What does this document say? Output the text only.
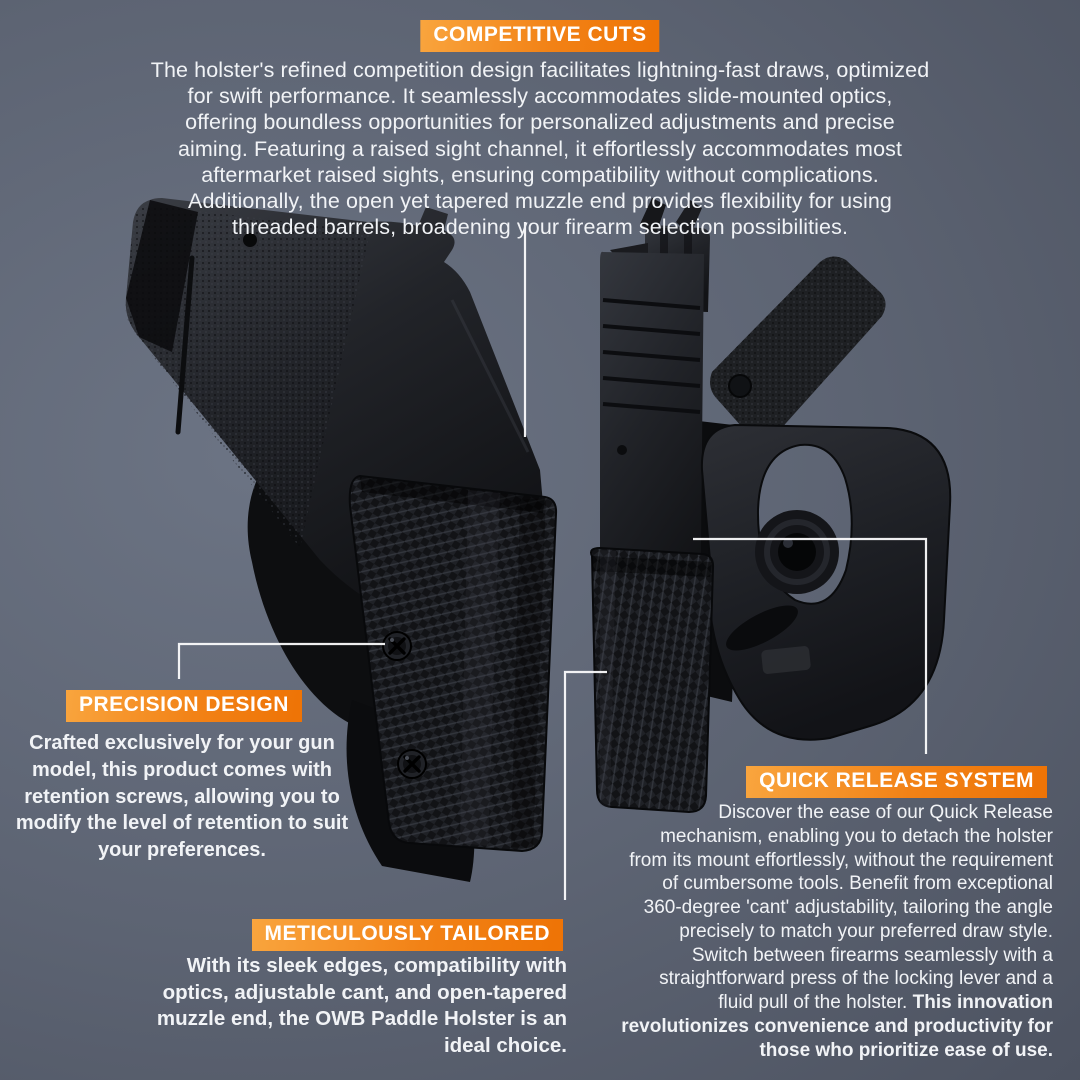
COMPETITIVE CUTS

The holster's refined competition design facilitates lightning-fast draws, optimized for swift performance. It seamlessly accommodates slide-mounted optics, offering boundless opportunities for personalized adjustments and precise aiming. Featuring a raised sight channel, it effortlessly accommodates most aftermarket raised sights, ensuring compatibility without complications. Additionally, the open yet tapered muzzle end provides flexibility for using threaded barrels, broadening your firearm selection possibilities.

PRECISION DESIGN

Crafted exclusively for your gun model, this product comes with retention screws, allowing you to modify the level of retention to suit your preferences.

METICULOUSLY TAILORED

With its sleek edges, compatibility with optics, adjustable cant, and open-tapered muzzle end, the OWB Paddle Holster is an ideal choice.

QUICK RELEASE SYSTEM

Discover the ease of our Quick Release mechanism, enabling you to detach the holster from its mount effortlessly, without the requirement of cumbersome tools. Benefit from exceptional 360-degree 'cant' adjustability, tailoring the angle precisely to match your preferred draw style. Switch between firearms seamlessly with a straightforward press of the locking lever and a fluid pull of the holster. This innovation revolutionizes convenience and productivity for those who prioritize ease of use.
